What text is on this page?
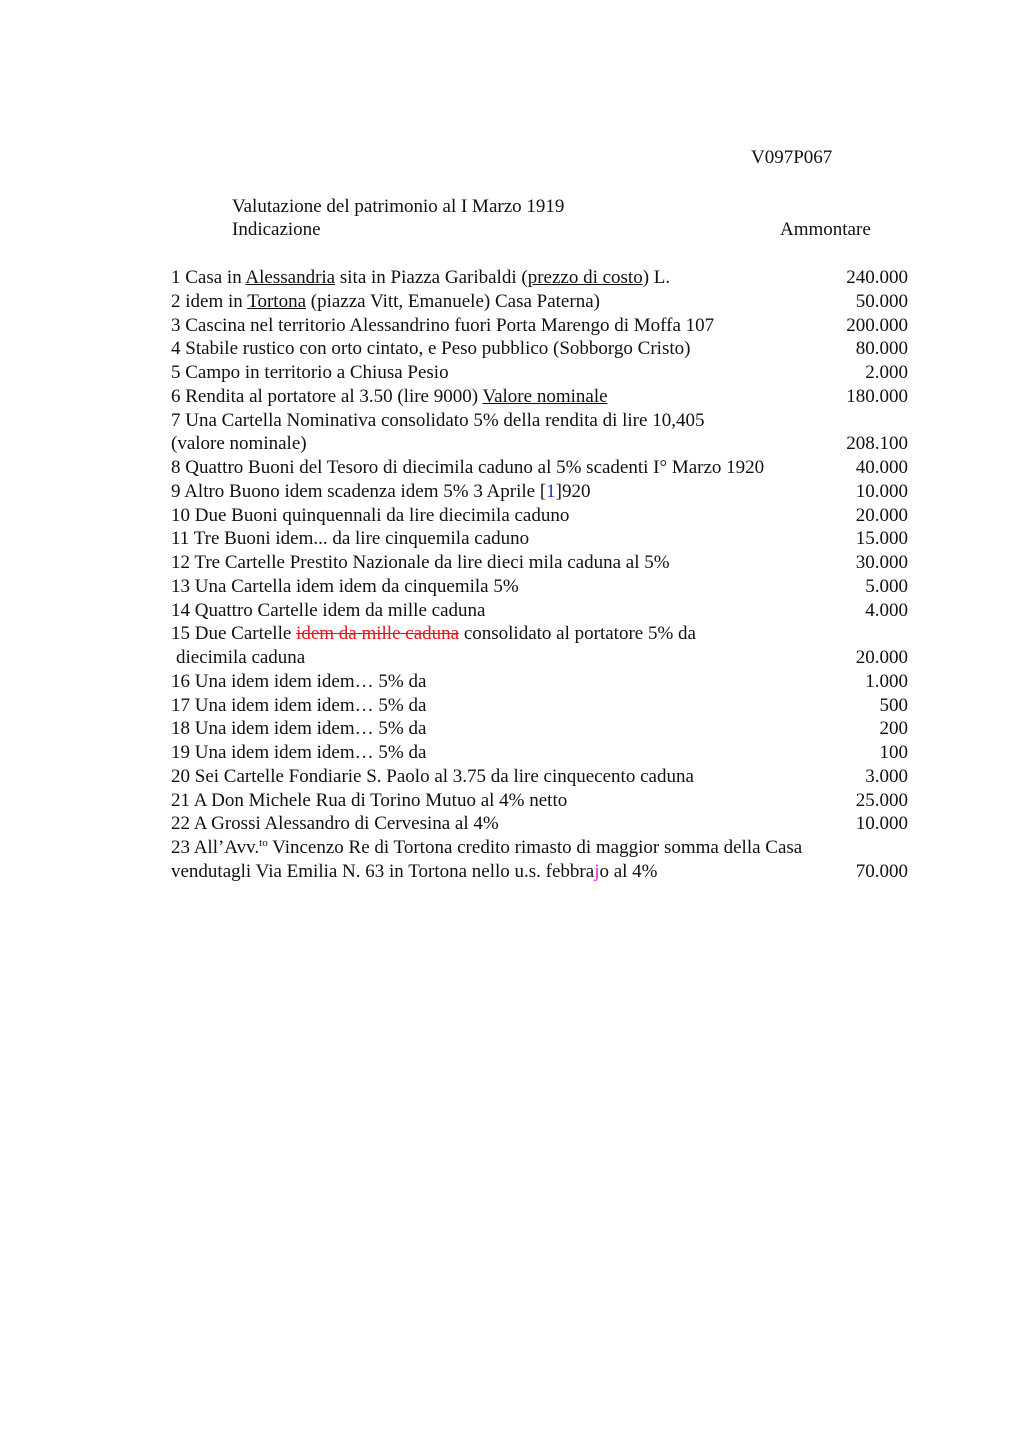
V097P067
Valutazione del patrimonio al I Marzo 1919
Indicazione	Ammontare
1 Casa in Alessandria sita in Piazza Garibaldi (prezzo di costo) L.	240.000
2 idem in Tortona (piazza Vitt, Emanuele) Casa Paterna)	50.000
3 Cascina nel territorio Alessandrino fuori Porta Marengo di Moffa 107	200.000
4 Stabile rustico con orto cintato, e Peso pubblico (Sobborgo Cristo)	80.000
5 Campo in territorio a Chiusa Pesio	2.000
6 Rendita al portatore al 3.50 (lire 9000) Valore nominale	180.000
7 Una Cartella Nominativa consolidato 5% della rendita di lire 10,405
(valore nominale)	208.100
8 Quattro Buoni del Tesoro di diecimila caduno al 5% scadenti I° Marzo 1920	40.000
9 Altro Buono idem scadenza idem 5% 3 Aprile [1]920	10.000
10 Due Buoni quinquennali da lire diecimila caduno	20.000
11 Tre Buoni idem... da lire cinquemila caduno	15.000
12 Tre Cartelle Prestito Nazionale da lire dieci mila caduna al 5%	30.000
13 Una Cartella idem idem da cinquemila 5%	5.000
14 Quattro Cartelle idem da mille caduna	4.000
15 Due Cartelle idem da mille caduna consolidato al portatore 5% da
diecimila caduna	20.000
16 Una idem idem idem… 5% da	1.000
17 Una idem idem idem… 5% da	500
18 Una idem idem idem… 5% da	200
19 Una idem idem idem… 5% da	100
20 Sei Cartelle Fondiarie S. Paolo al 3.75 da lire cinquecento caduna	3.000
21 A Don Michele Rua di Torino Mutuo al 4% netto	25.000
22 A Grossi Alessandro di Cervesina al 4%	10.000
23 All’Avv.$^{to}$ Vincenzo Re di Tortona credito rimasto di maggior somma della Casa
vendutagli Via Emilia N. 63 in Tortona nello u.s. febbrajo al 4%	70.000
